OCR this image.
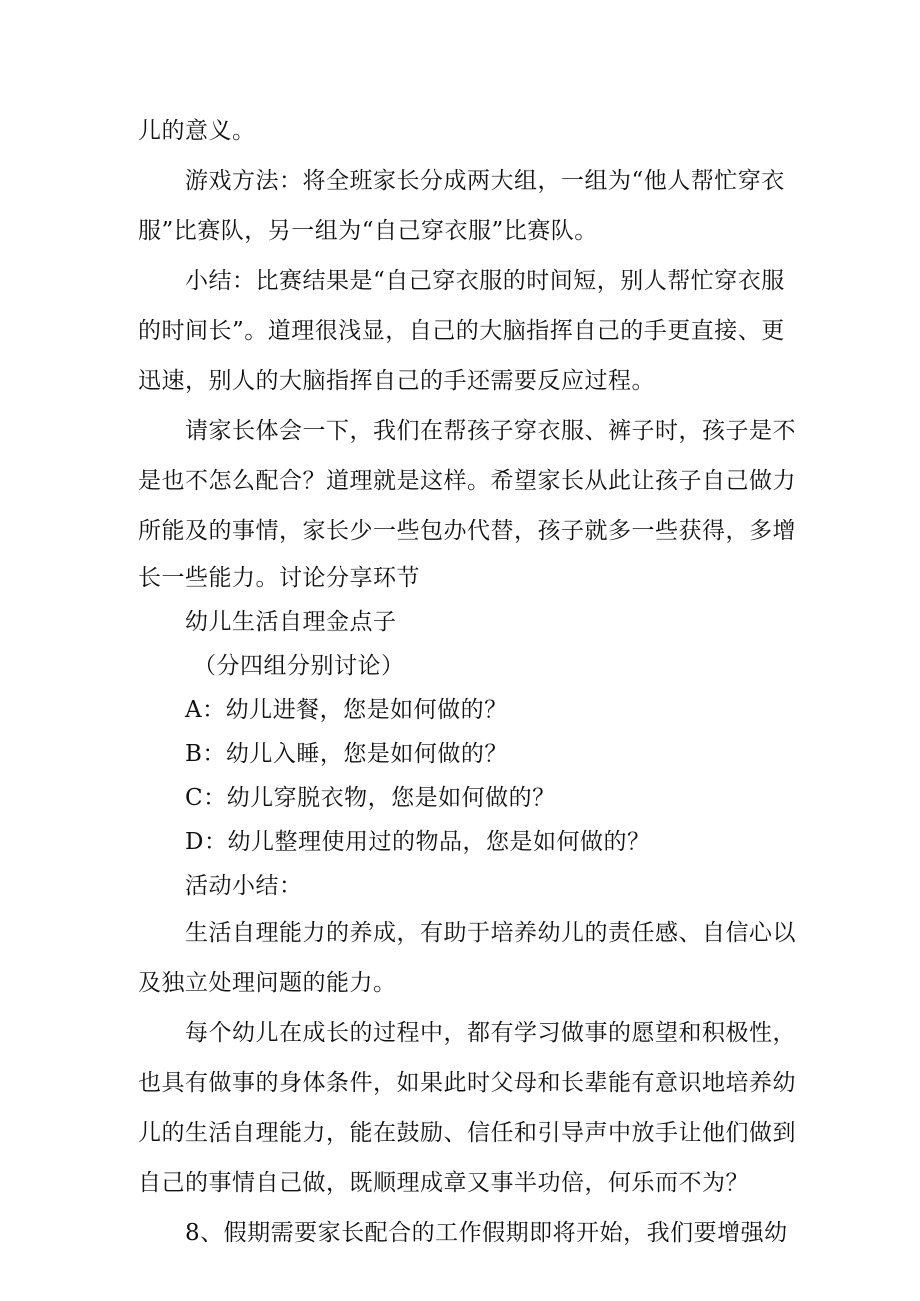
儿的意义。

游戏方法：将全班家长分成两大组，一组为“他人帮忙穿衣

服”比赛队，另一组为“自己穿衣服”比赛队。

小结：比赛结果是“自己穿衣服的时间短，别人帮忙穿衣服

的时间长”。道理很浅显，自己的大脑指挥自己的手更直接、更

迅速，别人的大脑指挥自己的手还需要反应过程。

请家长体会一下，我们在帮孩子穿衣服、裤子时，孩子是不

是也不怎么配合？道理就是这样。希望家长从此让孩子自己做力

所能及的事情，家长少一些包办代替，孩子就多一些获得，多增

长一些能力。讨论分享环节

幼儿生活自理金点子

（分四组分别讨论）

A：幼儿进餐，您是如何做的？

B：幼儿入睡，您是如何做的？

C：幼儿穿脱衣物，您是如何做的？

D：幼儿整理使用过的物品，您是如何做的？

活动小结：

生活自理能力的养成，有助于培养幼儿的责任感、自信心以

及独立处理问题的能力。

每个幼儿在成长的过程中，都有学习做事的愿望和积极性，

也具有做事的身体条件，如果此时父母和长辈能有意识地培养幼

儿的生活自理能力，能在鼓励、信任和引导声中放手让他们做到

自己的事情自己做，既顺理成章又事半功倍，何乐而不为？

8、假期需要家长配合的工作假期即将开始，我们要增强幼
